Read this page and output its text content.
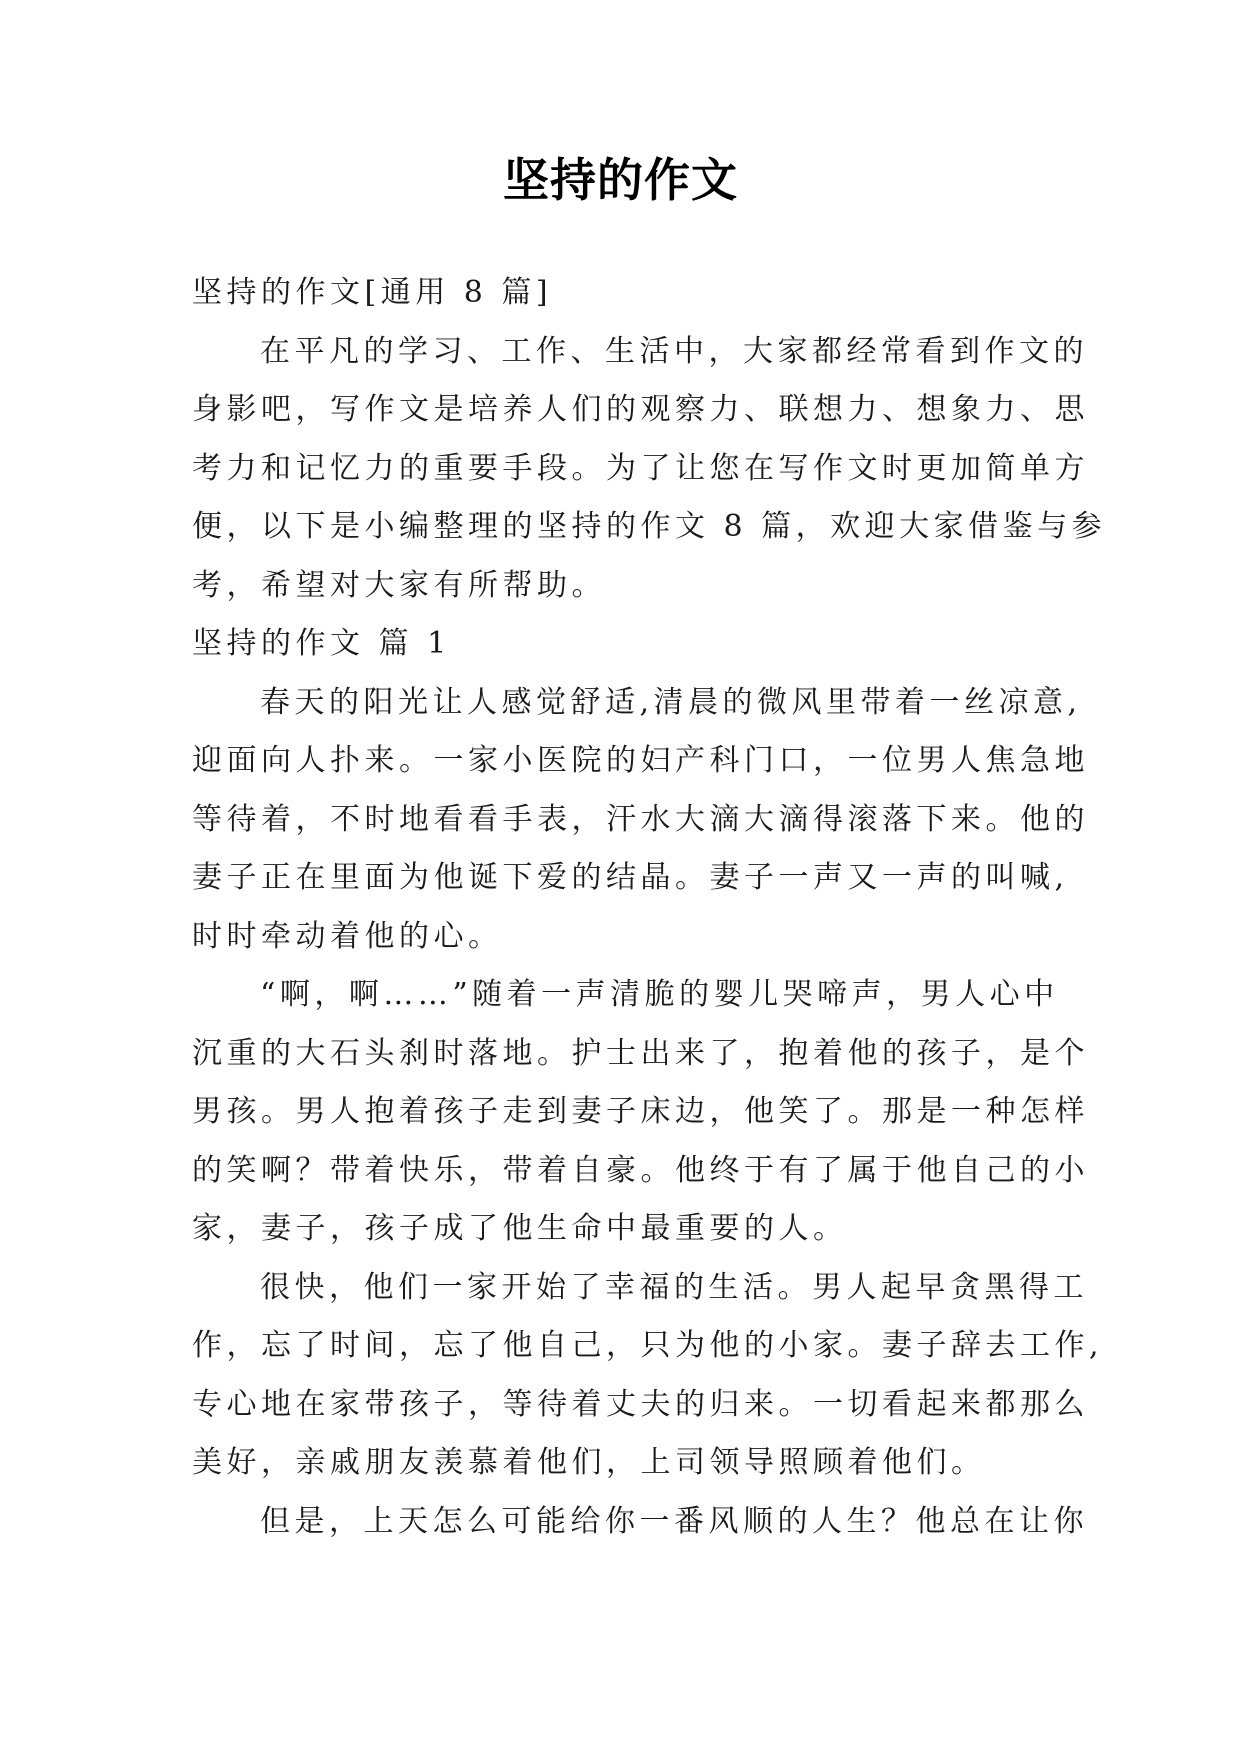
坚持的作文
坚持的作文[通用 8 篇]
在平凡的学习、工作、生活中，大家都经常看到作文的
身影吧，写作文是培养人们的观察力、联想力、想象力、思
考力和记忆力的重要手段。为了让您在写作文时更加简单方
便，以下是小编整理的坚持的作文 8 篇，欢迎大家借鉴与参
考，希望对大家有所帮助。
坚持的作文 篇 1
春天的阳光让人感觉舒适,清晨的微风里带着一丝凉意,
迎面向人扑来。一家小医院的妇产科门口，一位男人焦急地
等待着，不时地看看手表，汗水大滴大滴得滚落下来。他的
妻子正在里面为他诞下爱的结晶。妻子一声又一声的叫喊,
时时牵动着他的心。
“啊，啊……”随着一声清脆的婴儿哭啼声，男人心中
沉重的大石头刹时落地。护士出来了，抱着他的孩子，是个
男孩。男人抱着孩子走到妻子床边，他笑了。那是一种怎样
的笑啊？带着快乐，带着自豪。他终于有了属于他自己的小
家，妻子，孩子成了他生命中最重要的人。
很快，他们一家开始了幸福的生活。男人起早贪黑得工
作，忘了时间，忘了他自己，只为他的小家。妻子辞去工作,
专心地在家带孩子，等待着丈夫的归来。一切看起来都那么
美好，亲戚朋友羡慕着他们，上司领导照顾着他们。
但是，上天怎么可能给你一番风顺的人生？他总在让你
